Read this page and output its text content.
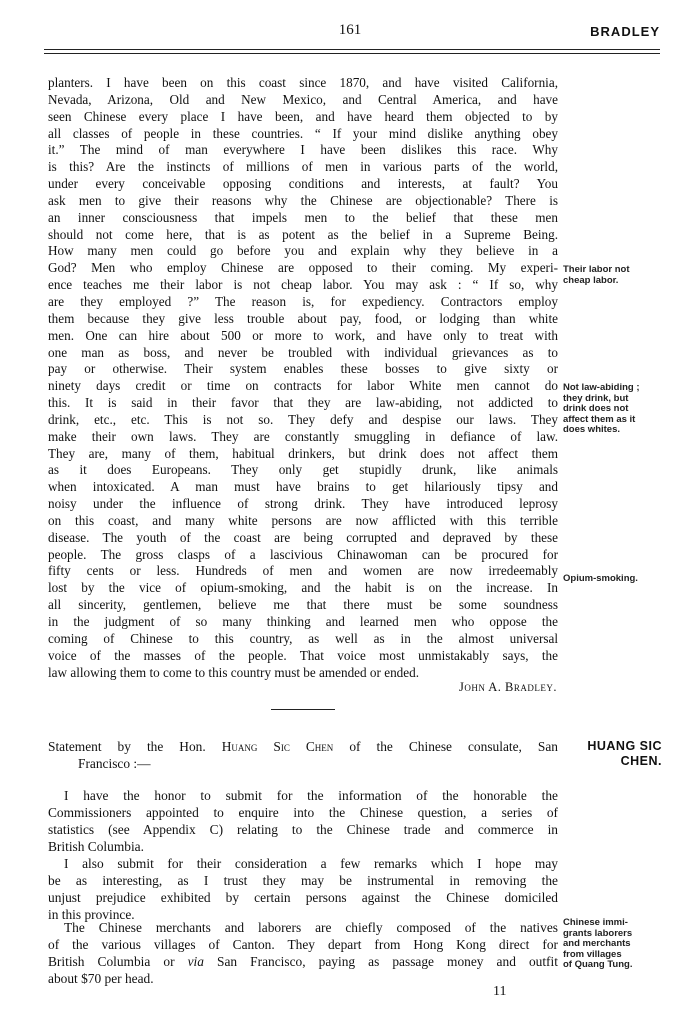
161	BRADLEY
planters. I have been on this coast since 1870, and have visited California,
Nevada, Arizona, Old and New Mexico, and Central America, and have
seen Chinese every place I have been, and have heard them objected to by
all classes of people in these countries. “ If your mind dislike anything obey
it.” The mind of man everywhere I have been dislikes this race. Why
is this? Are the instincts of millions of men in various parts of the world,
under every conceivable opposing conditions and interests, at fault? You
ask men to give their reasons why the Chinese are objectionable? There is
an inner consciousness that impels men to the belief that these men
should not come here, that is as potent as the belief in a Supreme Being.
How many men could go before you and explain why they believe in a
God? Men who employ Chinese are opposed to their coming. My experi-
ence teaches me their labor is not cheap labor. You may ask : “ If so, why
are they employed ?” The reason is, for expediency. Contractors employ
them because they give less trouble about pay, food, or lodging than white
men. One can hire about 500 or more to work, and have only to treat with
one man as boss, and never be troubled with individual grievances as to
pay or otherwise. Their system enables these bosses to give sixty or
ninety days credit or time on contracts for labor White men cannot do
this. It is said in their favor that they are law-abiding, not addicted to
drink, etc., etc. This is not so. They defy and despise our laws. They
make their own laws. They are constantly smuggling in defiance of law.
They are, many of them, habitual drinkers, but drink does not affect them
as it does Europeans. They only get stupidly drunk, like animals
when intoxicated. A man must have brains to get hilariously tipsy and
noisy under the influence of strong drink. They have introduced leprosy
on this coast, and many white persons are now afflicted with this terrible
disease. The youth of the coast are being corrupted and depraved by these
people. The gross clasps of a lascivious Chinawoman can be procured for
fifty cents or less. Hundreds of men and women are now irredeemably
lost by the vice of opium-smoking, and the habit is on the increase. In
all sincerity, gentlemen, believe me that there must be some soundness
in the judgment of so many thinking and learned men who oppose the
coming of Chinese to this country, as well as in the almost universal
voice of the masses of the people. That voice most unmistakably says, the
law allowing them to come to this country must be amended or ended.
Their labor not
cheap labor.
Not law-abiding ;
they drink, but
drink does not
affect them as it
does whites.
Opium-smoking.
John A. Bradley.
HUANG SIC
CHEN.
Statement by the Hon. Huang Sic Chen of the Chinese consulate, San
Francisco :—
I have the honor to submit for the information of the honorable the
Commissioners appointed to enquire into the Chinese question, a series of
statistics (see Appendix C) relating to the Chinese trade and commerce in
British Columbia.
I also submit for their consideration a few remarks which I hope may
be as interesting, as I trust they may be instrumental in removing the
unjust prejudice exhibited by certain persons against the Chinese domiciled
in this province.
The Chinese merchants and laborers are chiefly composed of the natives
of the various villages of Canton. They depart from Hong Kong direct for
British Columbia or via San Francisco, paying as passage money and outfit
about $70 per head.
Chinese immi-
grants laborers
and merchants
from villages
of Quang Tung.
11
